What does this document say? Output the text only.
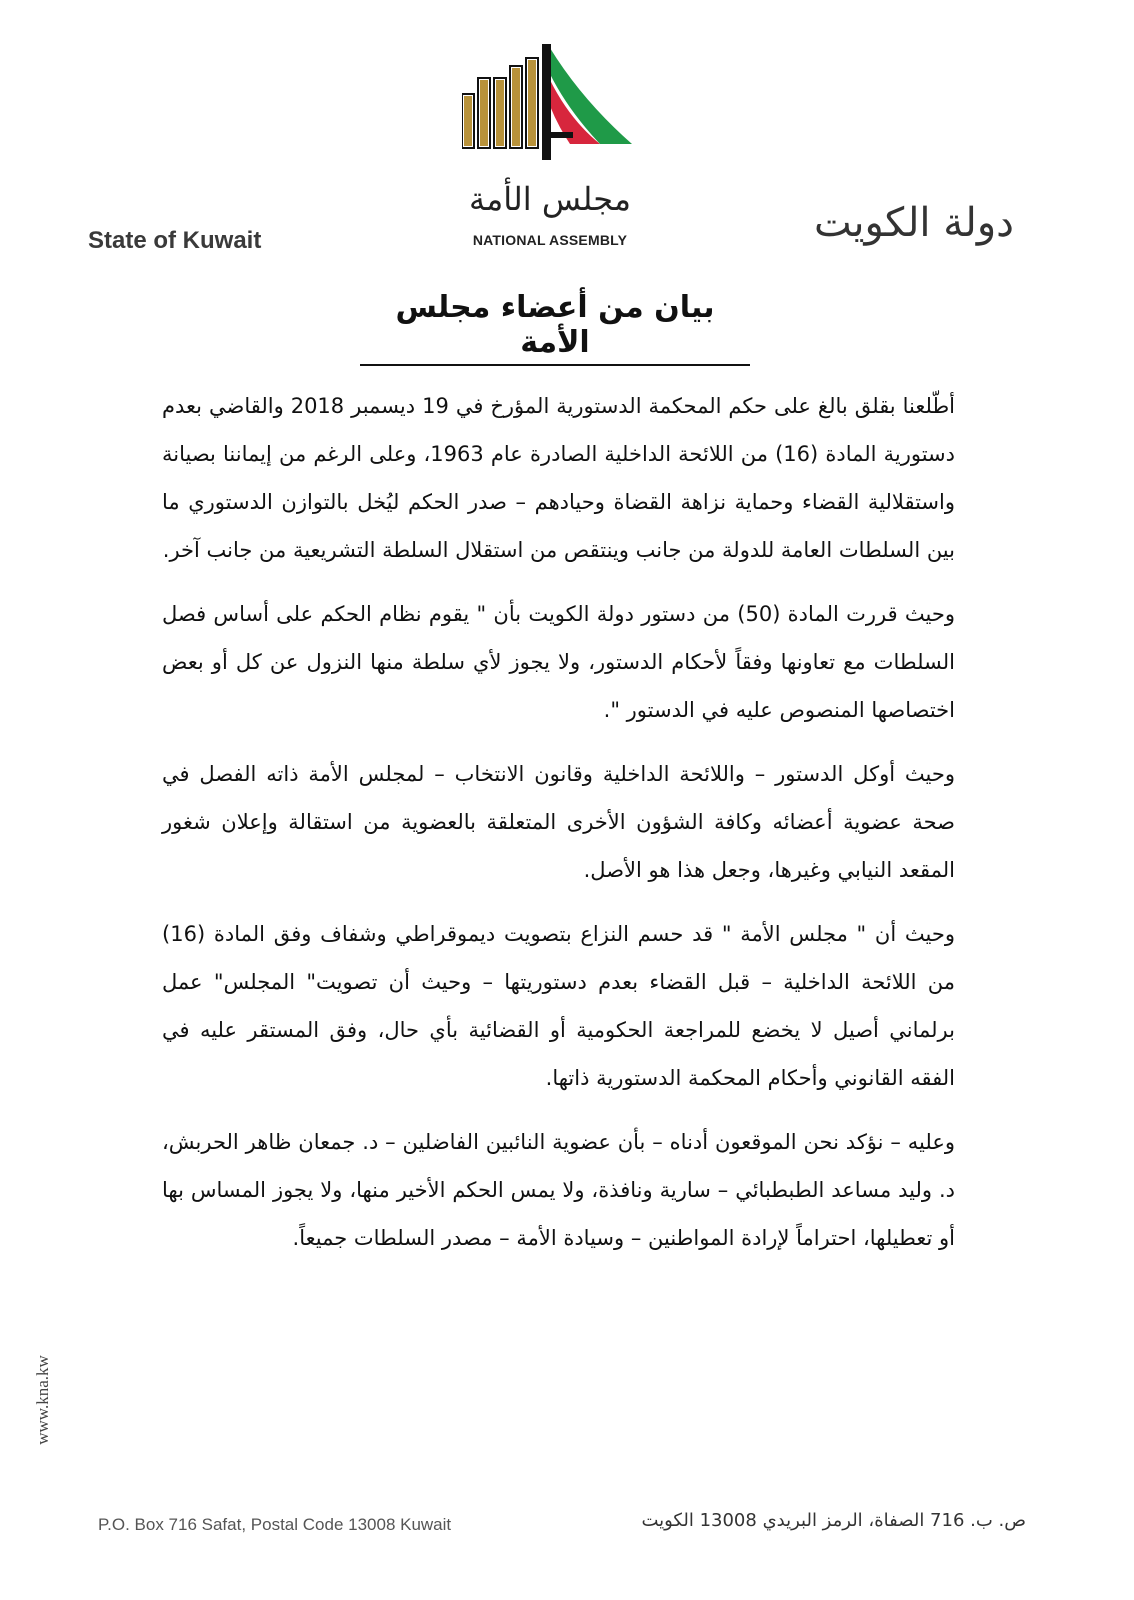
مجلس الأمة
NATIONAL ASSEMBLY
State of Kuwait	دولة الكويت
بيان من أعضاء مجلس الأمة

أطّلعنا بقلق بالغ على حكم المحكمة الدستورية المؤرخ في 19 ديسمبر 2018 والقاضي بعدم دستورية المادة (16) من اللائحة الداخلية الصادرة عام 1963، وعلى الرغم من إيماننا بصيانة واستقلالية القضاء وحماية نزاهة القضاة وحيادهم – صدر الحكم ليُخل بالتوازن الدستوري ما بين السلطات العامة للدولة من جانب وينتقص من استقلال السلطة التشريعية من جانب آخر.

وحيث قررت المادة (50) من دستور دولة الكويت بأن " يقوم نظام الحكم على أساس فصل السلطات مع تعاونها وفقاً لأحكام الدستور، ولا يجوز لأي سلطة منها النزول عن كل أو بعض اختصاصها المنصوص عليه في الدستور ".

وحيث أوكل الدستور – واللائحة الداخلية وقانون الانتخاب – لمجلس الأمة ذاته الفصل في صحة عضوية أعضائه وكافة الشؤون الأخرى المتعلقة بالعضوية من استقالة وإعلان شغور المقعد النيابي وغيرها، وجعل هذا هو الأصل.

وحيث أن " مجلس الأمة " قد حسم النزاع بتصويت ديموقراطي وشفاف وفق المادة (16) من اللائحة الداخلية – قبل القضاء بعدم دستوريتها – وحيث أن تصويت" المجلس" عمل برلماني أصيل لا يخضع للمراجعة الحكومية أو القضائية بأي حال، وفق المستقر عليه في الفقه القانوني وأحكام المحكمة الدستورية ذاتها.

وعليه – نؤكد نحن الموقعون أدناه – بأن عضوية النائبين الفاضلين – د. جمعان ظاهر الحربش، د. وليد مساعد الطبطبائي – سارية ونافذة، ولا يمس الحكم الأخير منها، ولا يجوز المساس بها أو تعطيلها، احتراماً لإرادة المواطنين – وسيادة الأمة – مصدر السلطات جميعاً.

www.kna.kw
P.O. Box 716 Safat, Postal Code 13008 Kuwait	ص. ب. 716 الصفاة، الرمز البريدي 13008 الكويت
